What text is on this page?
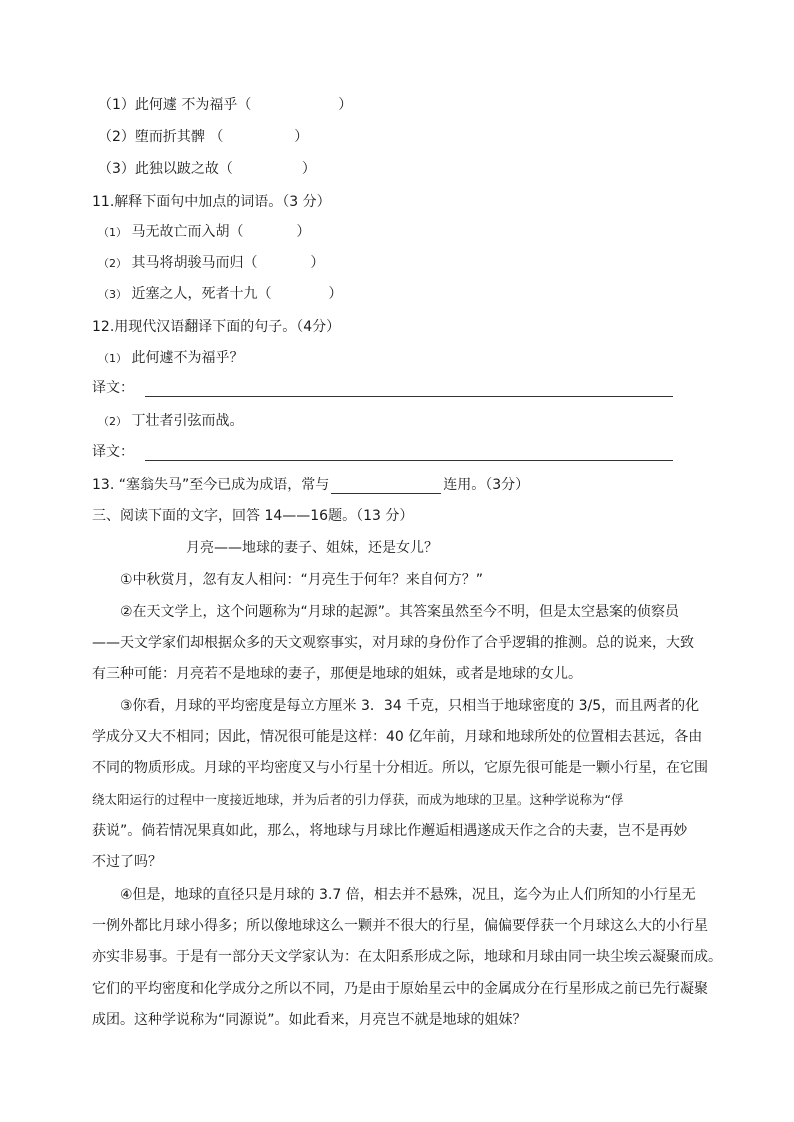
（1）此何遽 不为福乎（	）
（2）堕而折其髀 （	）
（3）此独以跛之故（	）
11.解释下面句中加点的词语。（3 分）
（1） 马无故亡而入胡（	）
（2） 其马将胡骏马而归（	）
（3） 近塞之人，死者十九（	）
12.用现代汉语翻译下面的句子。（4分）
（1） 此何遽不为福乎？
译文：
（2） 丁壮者引弦而战。
译文：
13. “塞翁失马”至今已成为成语，常与	连用。（3分）
三、阅读下面的文字，回答 14——16题。（13 分）
月亮——地球的妻子、姐妹，还是女儿？
①中秋赏月，忽有友人相问：“月亮生于何年？来自何方？”
②在天文学上，这个问题称为“月球的起源”。其答案虽然至今不明，但是太空悬案的侦察员
——天文学家们却根据众多的天文观察事实，对月球的身份作了合乎逻辑的推测。总的说来，大致
有三种可能：月亮若不是地球的妻子，那便是地球的姐妹，或者是地球的女儿。
③你看，月球的平均密度是每立方厘米 3．34 千克，只相当于地球密度的 3/5，而且两者的化
学成分又大不相同；因此，情况很可能是这样：40 亿年前，月球和地球所处的位置相去甚远，各由
不同的物质形成。月球的平均密度又与小行星十分相近。所以，它原先很可能是一颗小行星，在它围
绕太阳运行的过程中一度接近地球，并为后者的引力俘获，而成为地球的卫星。这种学说称为“俘
获说”。倘若情况果真如此，那么，将地球与月球比作邂逅相遇遂成天作之合的夫妻，岂不是再妙
不过了吗？
④但是，地球的直径只是月球的 3.7 倍，相去并不悬殊，况且，迄今为止人们所知的小行星无
一例外都比月球小得多；所以像地球这么一颗并不很大的行星，偏偏要俘获一个月球这么大的小行星
亦实非易事。于是有一部分天文学家认为：在太阳系形成之际，地球和月球由同一块尘埃云凝聚而成。
它们的平均密度和化学成分之所以不同，乃是由于原始星云中的金属成分在行星形成之前已先行凝聚
成团。这种学说称为“同源说”。如此看来，月亮岂不就是地球的姐妹？
